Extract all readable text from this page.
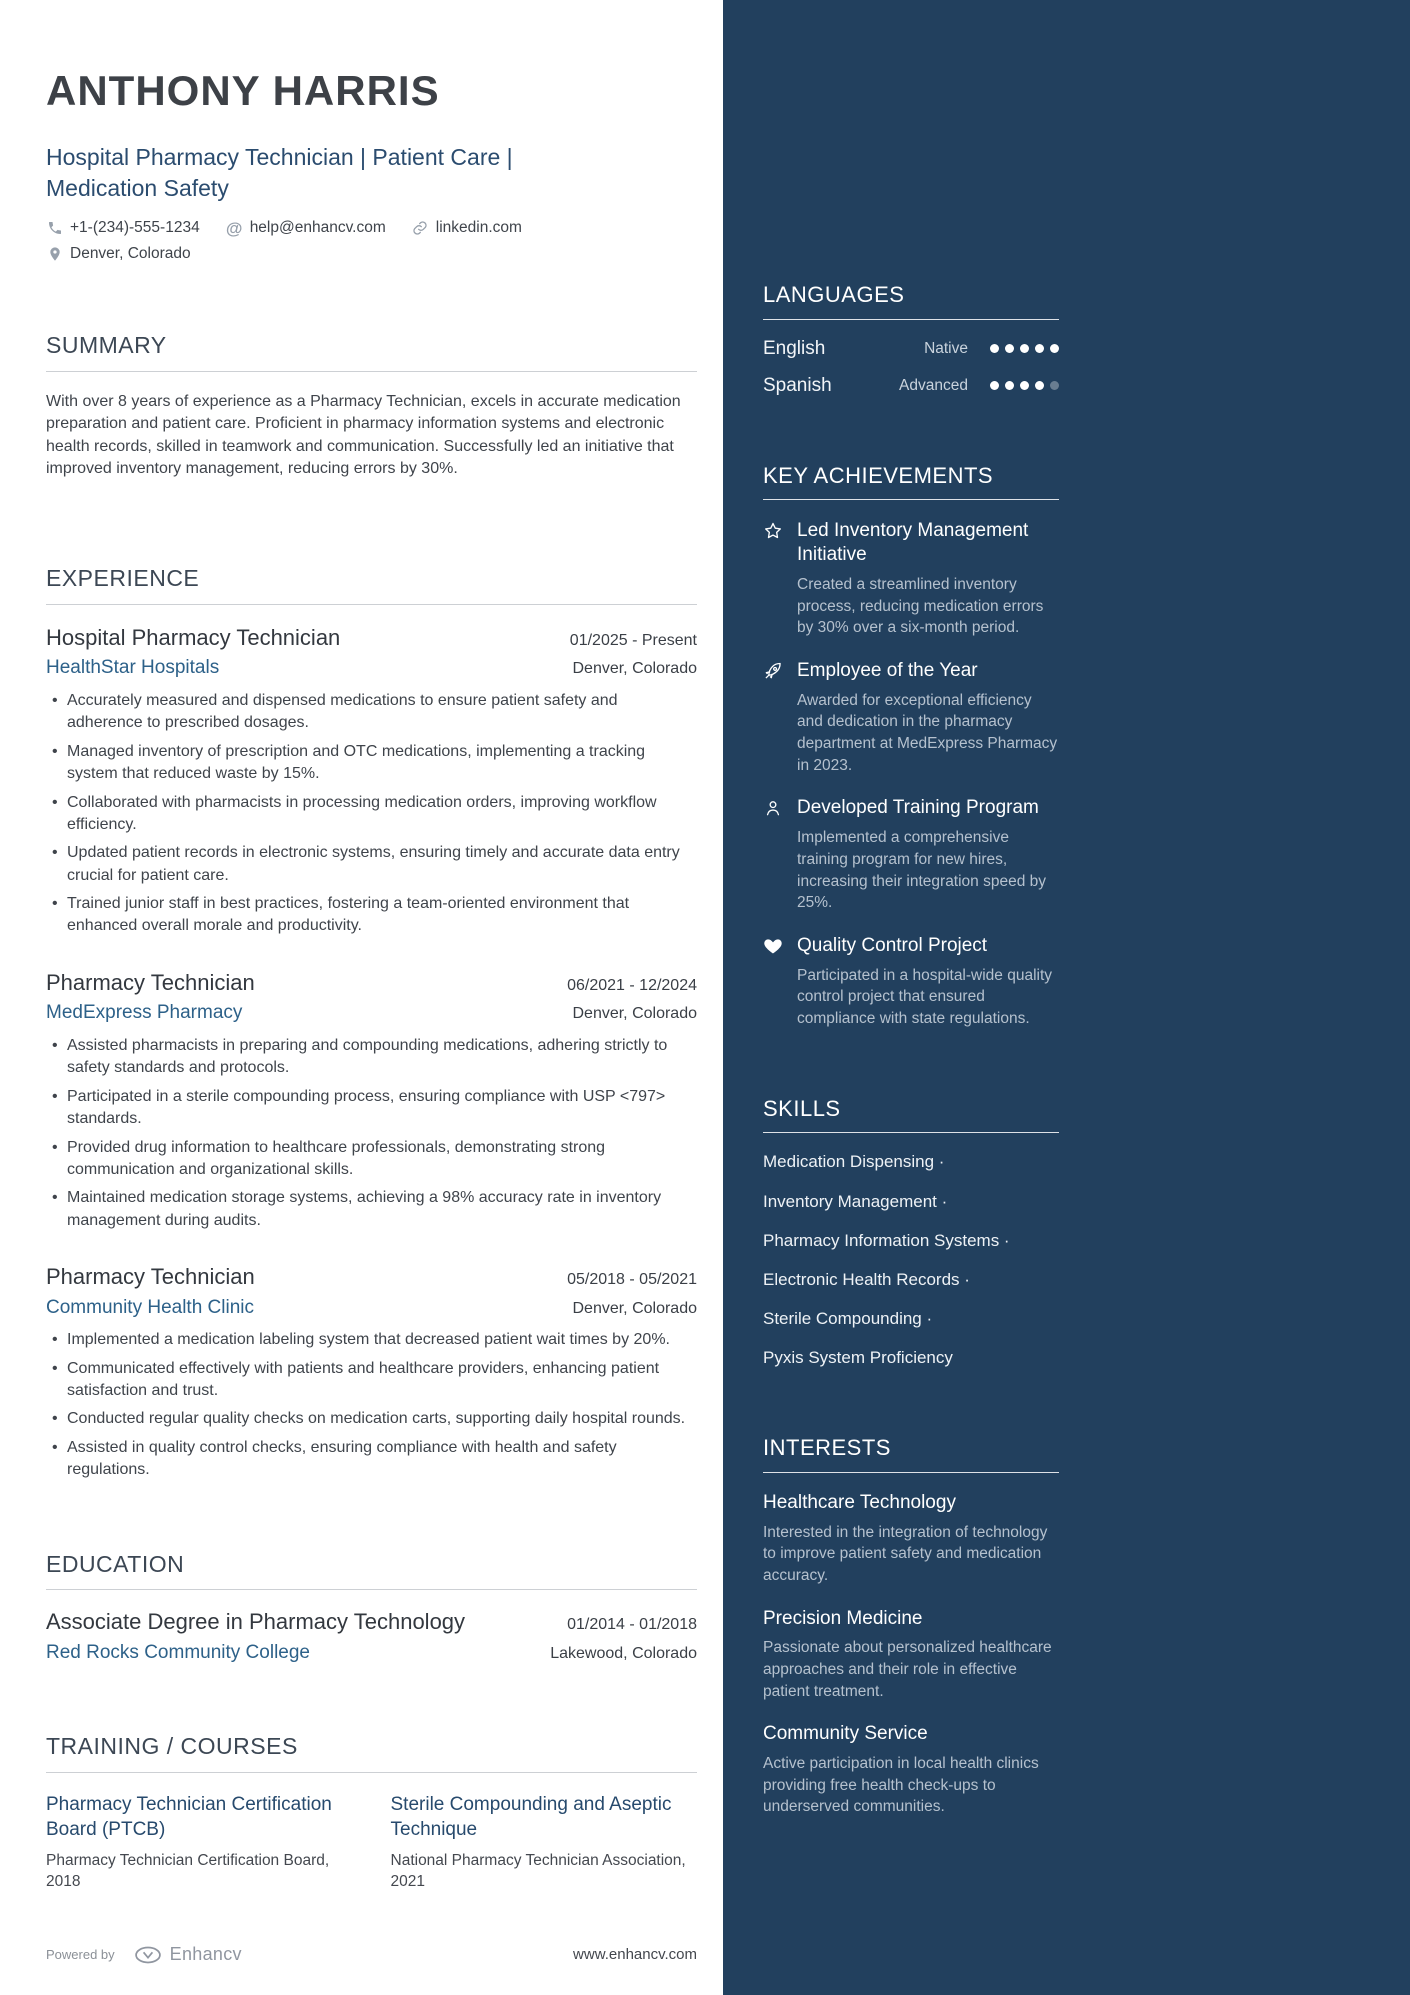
ANTHONY HARRIS
Hospital Pharmacy Technician | Patient Care | Medication Safety
+1-(234)-555-1234 @ help@enhancv.com	linkedin.com
Denver, Colorado
SUMMARY

With over 8 years of experience as a Pharmacy Technician, excels in accurate medication preparation and patient care. Proficient in pharmacy information systems and electronic health records, skilled in teamwork and communication. Successfully led an initiative that improved inventory management, reducing errors by 30%.

EXPERIENCE
Hospital Pharmacy Technician	01/2025 - Present
HealthStar Hospitals	Denver, Colorado
• Accurately measured and dispensed medications to ensure patient safety and adherence to prescribed dosages.
• Managed inventory of prescription and OTC medications, implementing a tracking system that reduced waste by 15%.
• Collaborated with pharmacists in processing medication orders, improving workflow efficiency.
• Updated patient records in electronic systems, ensuring timely and accurate data entry crucial for patient care.
• Trained junior staff in best practices, fostering a team-oriented environment that enhanced overall morale and productivity.
Pharmacy Technician	06/2021 - 12/2024
MedExpress Pharmacy	Denver, Colorado
• Assisted pharmacists in preparing and compounding medications, adhering strictly to safety standards and protocols.
• Participated in a sterile compounding process, ensuring compliance with USP <797> standards.
• Provided drug information to healthcare professionals, demonstrating strong communication and organizational skills.
• Maintained medication storage systems, achieving a 98% accuracy rate in inventory management during audits.
Pharmacy Technician	05/2018 - 05/2021
Community Health Clinic	Denver, Colorado
• Implemented a medication labeling system that decreased patient wait times by 20%.
• Communicated effectively with patients and healthcare providers, enhancing patient satisfaction and trust.
• Conducted regular quality checks on medication carts, supporting daily hospital rounds.
• Assisted in quality control checks, ensuring compliance with health and safety regulations.
EDUCATION
Associate Degree in Pharmacy Technology	01/2014 - 01/2018
Red Rocks Community College	Lakewood, Colorado
TRAINING / COURSES
Pharmacy Technician Certification Board (PTCB)
Pharmacy Technician Certification Board, 2018
Sterile Compounding and Aseptic Technique
National Pharmacy Technician Association, 2021
Powered by	Enhancv	www.enhancv.com
LANGUAGES
English	Native
Spanish	Advanced
KEY ACHIEVEMENTS
Led Inventory Management Initiative
Created a streamlined inventory process, reducing medication errors by 30% over a six-month period.
Employee of the Year
Awarded for exceptional efficiency and dedication in the pharmacy department at MedExpress Pharmacy in 2023.
Developed Training Program
Implemented a comprehensive training program for new hires, increasing their integration speed by 25%.
Quality Control Project
Participated in a hospital-wide quality control project that ensured compliance with state regulations.
SKILLS
Medication Dispensing ·
Inventory Management ·
Pharmacy Information Systems ·
Electronic Health Records ·
Sterile Compounding ·
Pyxis System Proficiency
INTERESTS
Healthcare Technology
Interested in the integration of technology to improve patient safety and medication accuracy.
Precision Medicine
Passionate about personalized healthcare approaches and their role in effective patient treatment.
Community Service
Active participation in local health clinics providing free health check-ups to underserved communities.
